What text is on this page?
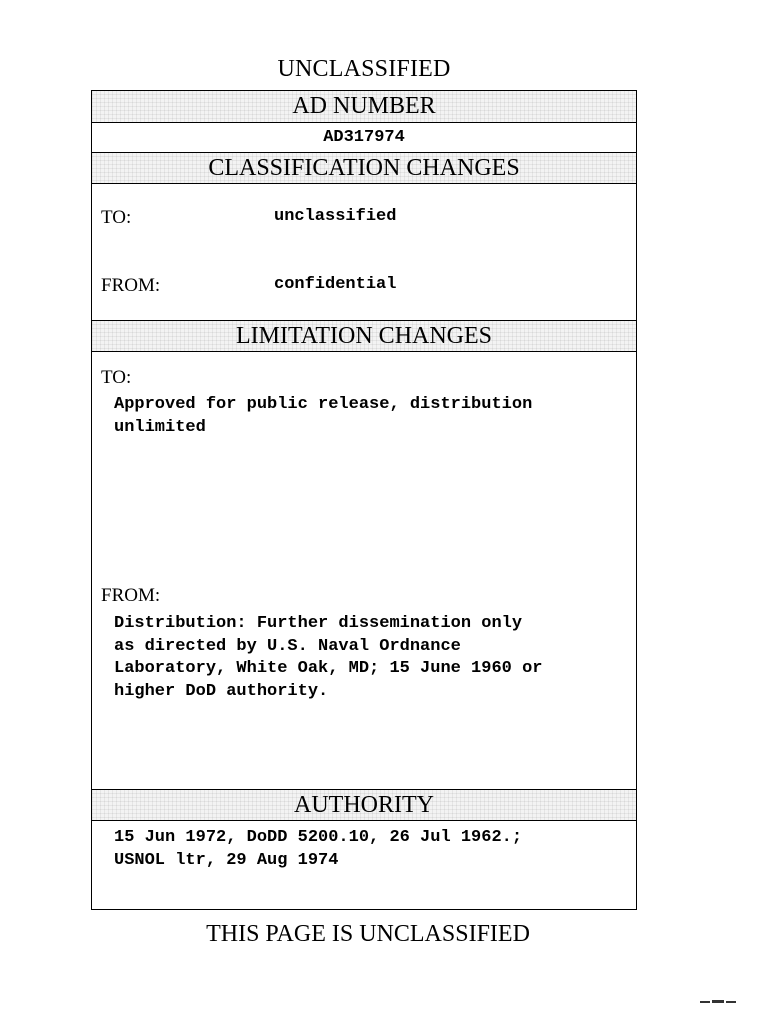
UNCLASSIFIED
AD NUMBER
AD317974
CLASSIFICATION CHANGES
TO:	unclassified
FROM:	confidential
LIMITATION CHANGES
TO:
Approved for public release, distribution
unlimited
FROM:
Distribution: Further dissemination only
as directed by U.S. Naval Ordnance
Laboratory, White Oak, MD; 15 June 1960 or
higher DoD authority.
AUTHORITY
15 Jun 1972, DoDD 5200.10, 26 Jul 1962.;
USNOL ltr, 29 Aug 1974
THIS PAGE IS UNCLASSIFIED
